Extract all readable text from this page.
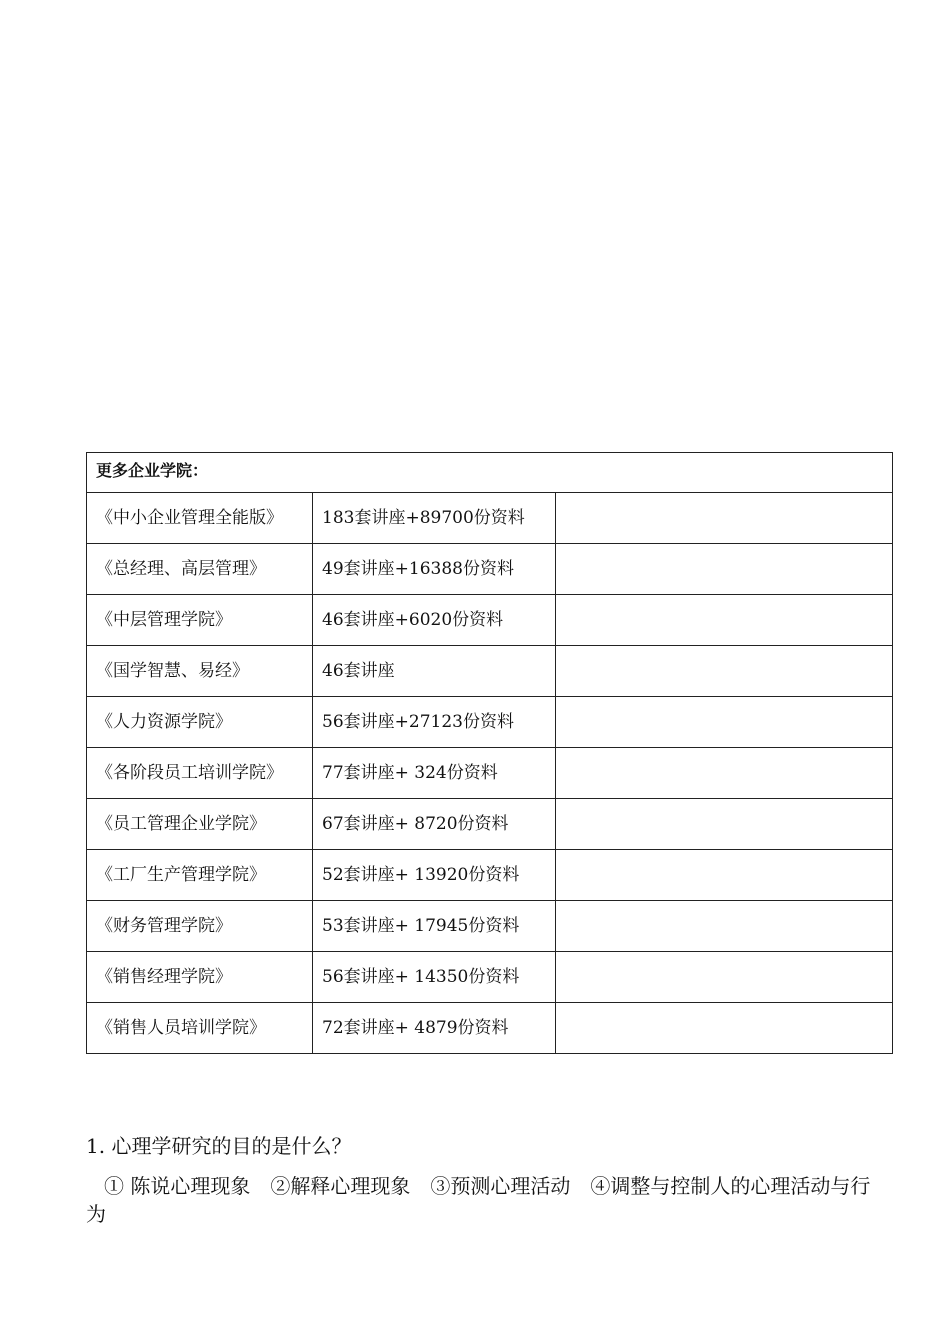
更多企业学院：		
《中小企业管理全能版》	183套讲座+89700份资料	
《总经理、高层管理》	49套讲座+16388份资料	
《中层管理学院》	46套讲座+6020份资料	
《国学智慧、易经》	46套讲座	
《人力资源学院》	56套讲座+27123份资料	
《各阶段员工培训学院》	77套讲座+ 324份资料	
《员工管理企业学院》	67套讲座+ 8720份资料	
《工厂生产管理学院》	52套讲座+ 13920份资料	
《财务管理学院》	53套讲座+ 17945份资料	
《销售经理学院》	56套讲座+ 14350份资料	
《销售人员培训学院》	72套讲座+ 4879份资料	
1. 心理学研究的目的是什么？
① 陈说心理现象 ②解释心理现象 ③预测心理活动 ④调整与控制人的心理活动与行为
